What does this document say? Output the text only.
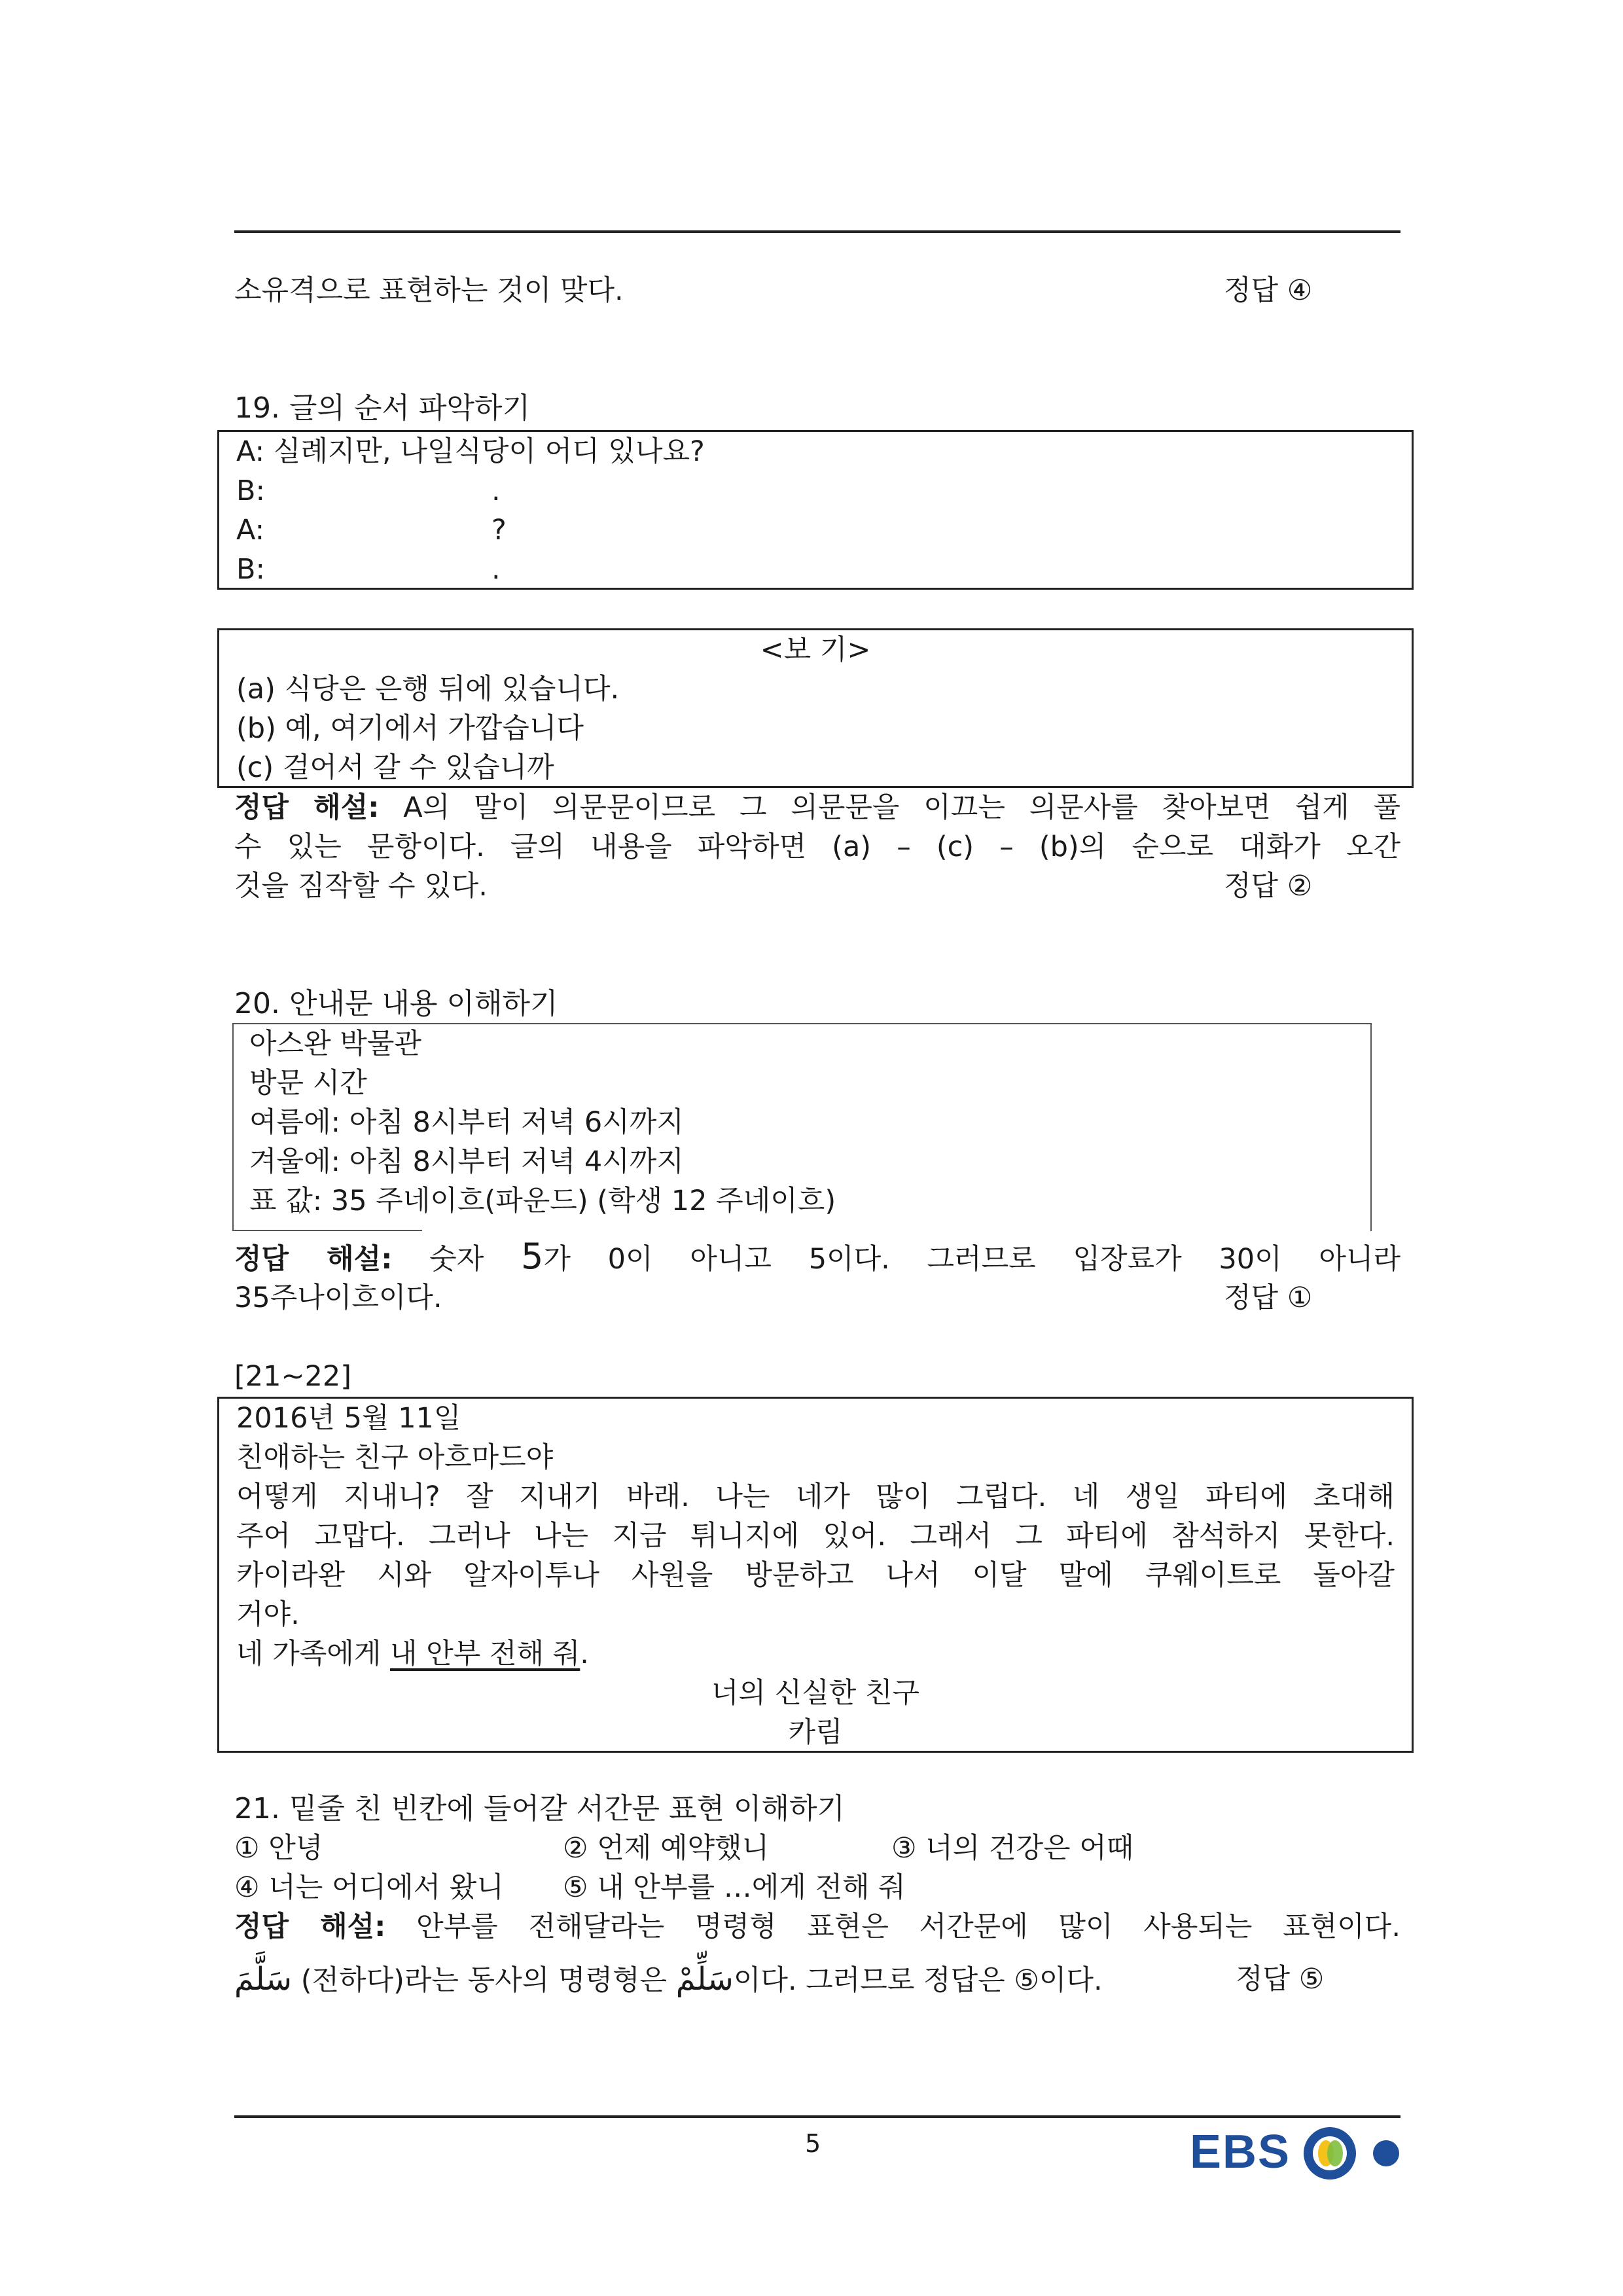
소유격으로 표현하는 것이 맞다.	정답 ④
19. 글의 순서 파악하기
A: 실례지만, 나일식당이 어디 있나요?
B:	.
A:	?
B:	.
<보 기>
(a) 식당은 은행 뒤에 있습니다.
(b) 예, 여기에서 가깝습니다
(c) 걸어서 갈 수 있습니까
정답 해설: A의 말이 의문문이므로 그 의문문을 이끄는 의문사를 찾아보면 쉽게 풀
수 있는 문항이다. 글의 내용을 파악하면 (a) – (c) – (b)의 순으로 대화가 오간
것을 짐작할 수 있다.	정답 ②
20. 안내문 내용 이해하기
아스완 박물관
방문 시간
여름에: 아침 8시부터 저녁 6시까지
겨울에: 아침 8시부터 저녁 4시까지
표 값: 35 주네이흐(파운드) (학생 12 주네이흐)
정답 해설: 숫자 5가 0이 아니고 5이다. 그러므로 입장료가 30이 아니라
35주나이흐이다.	정답 ①
[21~22]
2016년 5월 11일
친애하는 친구 아흐마드야
어떻게 지내니? 잘 지내기 바래. 나는 네가 많이 그립다. 네 생일 파티에 초대해
주어 고맙다. 그러나 나는 지금 튀니지에 있어. 그래서 그 파티에 참석하지 못한다.
카이라완 시와 알자이투나 사원을 방문하고 나서 이달 말에 쿠웨이트로 돌아갈
거야.
네 가족에게 내 안부 전해 줘.
너의 신실한 친구
카림
21. 밑줄 친 빈칸에 들어갈 서간문 표현 이해하기
① 안녕	② 언제 예약했니	③ 너의 건강은 어때
④ 너는 어디에서 왔니 ⑤ 내 안부를 …에게 전해 줘
정답 해설: 안부를 전해달라는 명령형 표현은 서간문에 많이 사용되는 표현이다.
سَلَّمَ (전하다)라는 동사의 명령형은 سَلِّمْ이다. 그러므로 정답은 ⑤이다.	정답 ⑤
5	EBS
